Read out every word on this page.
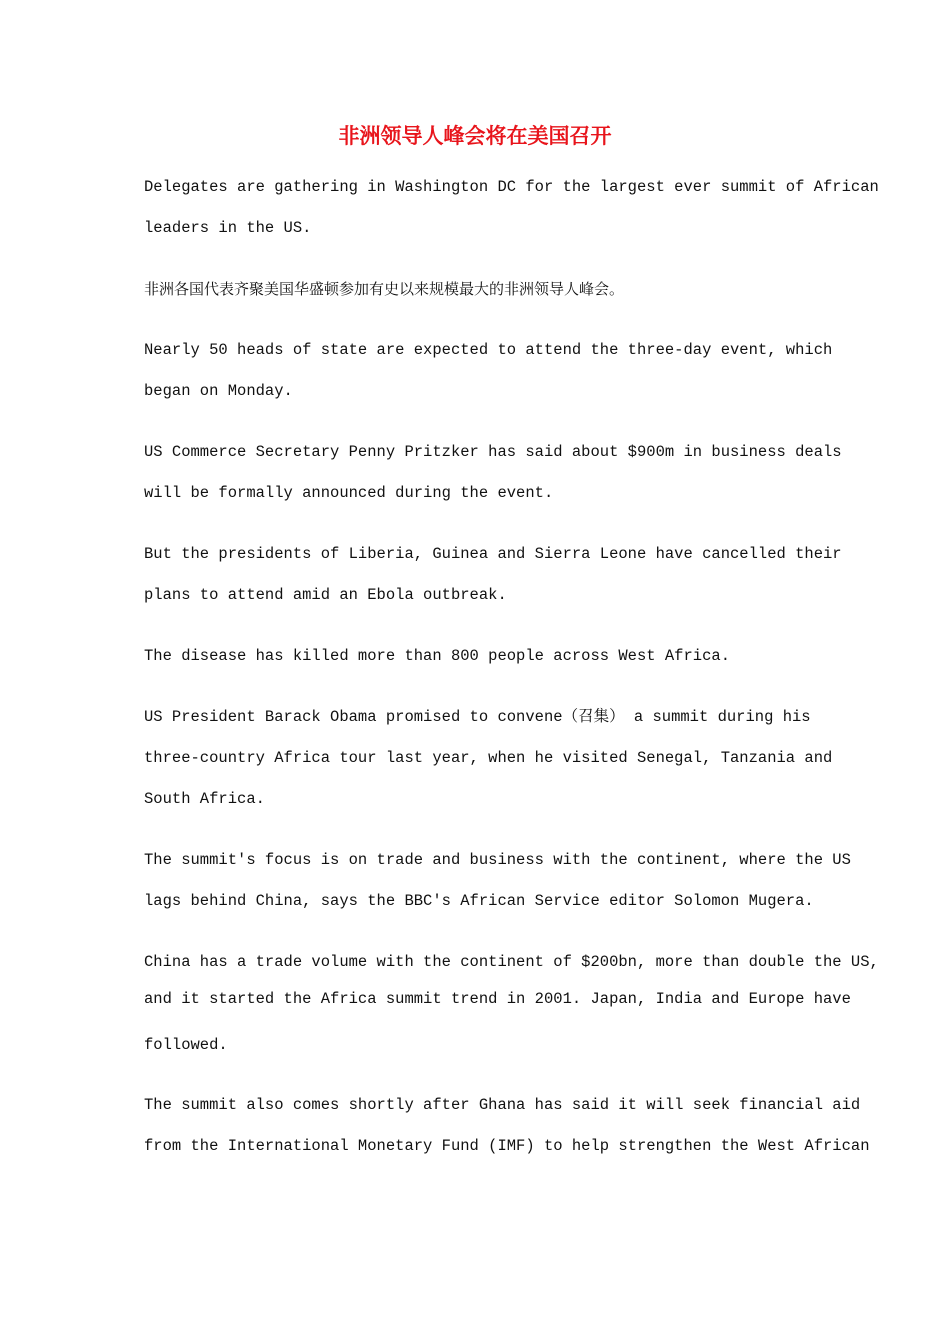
非洲领导人峰会将在美国召开
Delegates are gathering in Washington DC for the largest ever summit of African
leaders in the US.
非洲各国代表齐聚美国华盛顿参加有史以来规模最大的非洲领导人峰会。
Nearly 50 heads of state are expected to attend the three-day event, which
began on Monday.
US Commerce Secretary Penny Pritzker has said about $900m in business deals
will be formally announced during the event.
But the presidents of Liberia, Guinea and Sierra Leone have cancelled their
plans to attend amid an Ebola outbreak.
The disease has killed more than 800 people across West Africa.
US President Barack Obama promised to convene（召集） a summit during his
three-country Africa tour last year, when he visited Senegal, Tanzania and
South Africa.
The summit's focus is on trade and business with the continent, where the US
lags behind China, says the BBC's African Service editor Solomon Mugera.
China has a trade volume with the continent of $200bn, more than double the US,
and it started the Africa summit trend in 2001. Japan, India and Europe have
followed.
The summit also comes shortly after Ghana has said it will seek financial aid
from the International Monetary Fund (IMF) to help strengthen the West African
